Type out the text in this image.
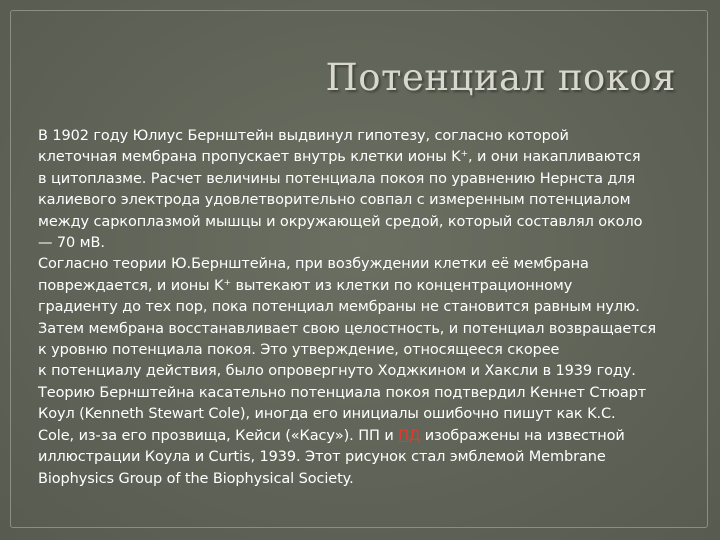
Потенциал покоя
В 1902 году Юлиус Бернштейн выдвинул гипотезу, согласно которой
клеточная мембрана пропускает внутрь клетки ионы K⁺, и они накапливаются
в цитоплазме. Расчет величины потенциала покоя по уравнению Нернста для
калиевого электрода удовлетворительно совпал с измеренным потенциалом
между саркоплазмой мышцы и окружающей средой, который составлял около
— 70 мВ.
Согласно теории Ю.Бернштейна, при возбуждении клетки её мембрана
повреждается, и ионы K⁺ вытекают из клетки по концентрационному
градиенту до тех пор, пока потенциал мембраны не становится равным нулю.
Затем мембрана восстанавливает свою целостность, и потенциал возвращается
к уровню потенциала покоя. Это утверждение, относящееся скорее
к потенциалу действия, было опровергнуто Ходжкином и Хаксли в 1939 году.
Теорию Бернштейна касательно потенциала покоя подтвердил Кеннет Стюарт
Коул (Kenneth Stewart Cole), иногда его инициалы ошибочно пишут как K.C.
Cole, из-за его прозвища, Кейси («Касу»). ПП и ПД изображены на известной
иллюстрации Коула и Curtis, 1939. Этот рисунок стал эмблемой Membrane
Biophysics Group of the Biophysical Society.
